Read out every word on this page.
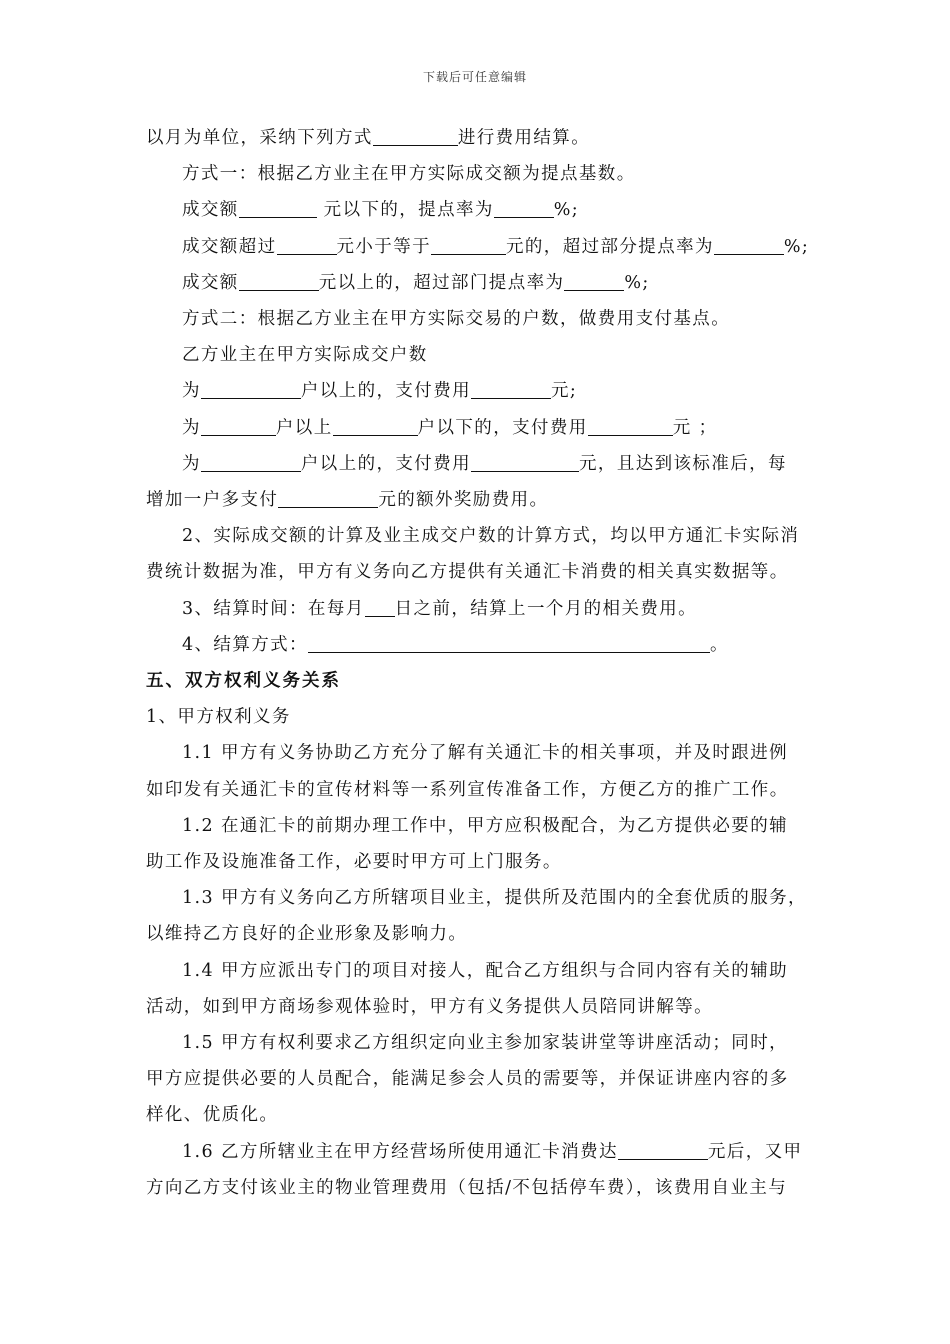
下载后可任意编辑
以月为单位，采纳下列方式	进行费用结算。
方式一：根据乙方业主在甲方实际成交额为提点基数。
成交额	元以下的，提点率为	%;
成交额超过	元小于等于	元的，超过部分提点率为	%;
成交额	元以上的，超过部门提点率为	%;
方式二：根据乙方业主在甲方实际交易的户数，做费用支付基点。
乙方业主在甲方实际成交户数
为	户以上的，支付费用	元;
为	户以上	户以下的，支付费用	元 ；
为	户以上的，支付费用	元，且达到该标准后，每
增加一户多支付	元的额外奖励费用。
2、实际成交额的计算及业主成交户数的计算方式，均以甲方通汇卡实际消
费统计数据为准，甲方有义务向乙方提供有关通汇卡消费的相关真实数据等。
3、结算时间：在每月 日之前，结算上一个月的相关费用。
4、结算方式：	。
五、双方权利义务关系
1、甲方权利义务
1.1 甲方有义务协助乙方充分了解有关通汇卡的相关事项，并及时跟进例
如印发有关通汇卡的宣传材料等一系列宣传准备工作，方便乙方的推广工作。
1.2 在通汇卡的前期办理工作中，甲方应积极配合，为乙方提供必要的辅
助工作及设施准备工作，必要时甲方可上门服务。
1.3 甲方有义务向乙方所辖项目业主，提供所及范围内的全套优质的服务，
以维持乙方良好的企业形象及影响力。
1.4 甲方应派出专门的项目对接人，配合乙方组织与合同内容有关的辅助
活动，如到甲方商场参观体验时，甲方有义务提供人员陪同讲解等。
1.5 甲方有权利要求乙方组织定向业主参加家装讲堂等讲座活动；同时，
甲方应提供必要的人员配合，能满足参会人员的需要等，并保证讲座内容的多
样化、优质化。
1.6 乙方所辖业主在甲方经营场所使用通汇卡消费达	元后，又甲
方向乙方支付该业主的物业管理费用（包括/不包括停车费），该费用自业主与
